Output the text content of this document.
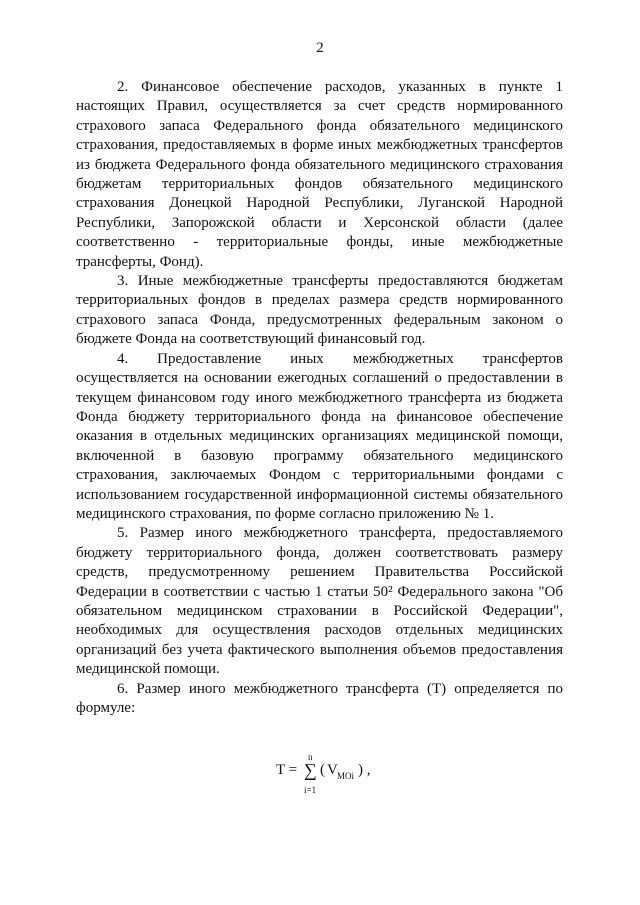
2

2. Финансовое обеспечение расходов, указанных в пункте 1 настоящих Правил, осуществляется за счет средств нормированного страхового запаса Федерального фонда обязательного медицинского страхования, предоставляемых в форме иных межбюджетных трансфертов из бюджета Федерального фонда обязательного медицинского страхования бюджетам территориальных фондов обязательного медицинского страхования Донецкой Народной Республики, Луганской Народной Республики, Запорожской области и Херсонской области (далее соответственно - территориальные фонды, иные межбюджетные трансферты, Фонд).

3. Иные межбюджетные трансферты предоставляются бюджетам территориальных фондов в пределах размера средств нормированного страхового запаса Фонда, предусмотренных федеральным законом о бюджете Фонда на соответствующий финансовый год.

4. Предоставление иных межбюджетных трансфертов осуществляется на основании ежегодных соглашений о предоставлении в текущем финансовом году иного межбюджетного трансферта из бюджета Фонда бюджету территориального фонда на финансовое обеспечение оказания в отдельных медицинских организациях медицинской помощи, включенной в базовую программу обязательного медицинского страхования, заключаемых Фондом с территориальными фондами с использованием государственной информационной системы обязательного медицинского страхования, по форме согласно приложению № 1.

5. Размер иного межбюджетного трансферта, предоставляемого бюджету территориального фонда, должен соответствовать размеру средств, предусмотренному решением Правительства Российской Федерации в соответствии с частью 1 статьи 50² Федерального закона "Об обязательном медицинском страховании в Российской Федерации", необходимых для осуществления расходов отдельных медицинских организаций без учета фактического выполнения объемов предоставления медицинской помощи.

6. Размер иного межбюджетного трансферта (Т) определяется по формуле:

T =
n
∑
i=1
( V МОi ) ,
